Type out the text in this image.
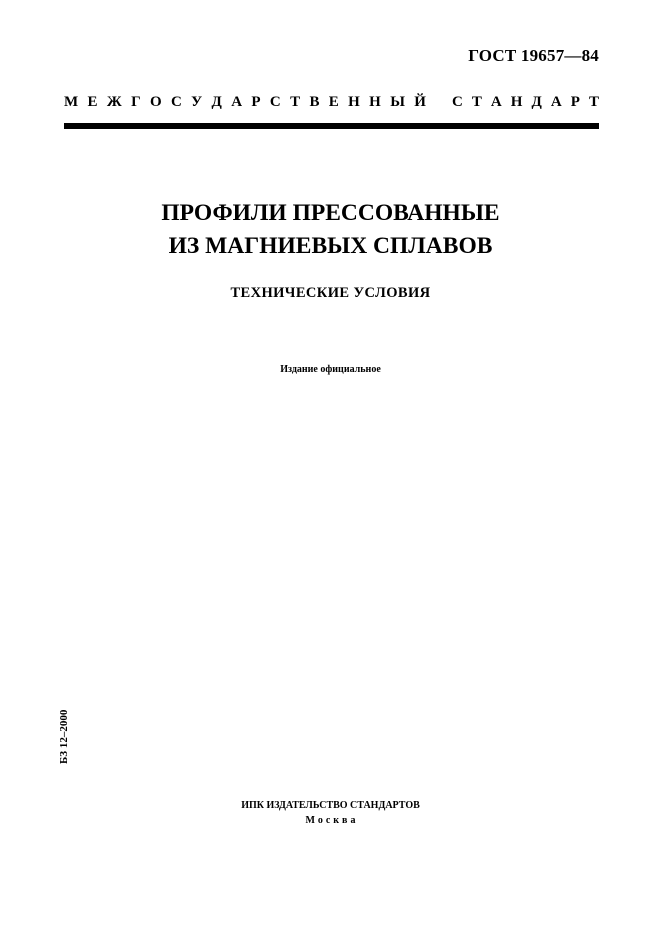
ГОСТ 19657—84
М Е Ж Г О С У Д А Р С Т В Е Н Н Ы Й С Т А Н Д А Р Т
ПРОФИЛИ ПРЕССОВАННЫЕ
ИЗ МАГНИЕВЫХ СПЛАВОВ
ТЕХНИЧЕСКИЕ УСЛОВИЯ
Издание официальное
БЗ 12–2000
ИПК ИЗДАТЕЛЬСТВО СТАНДАРТОВ
Москва
